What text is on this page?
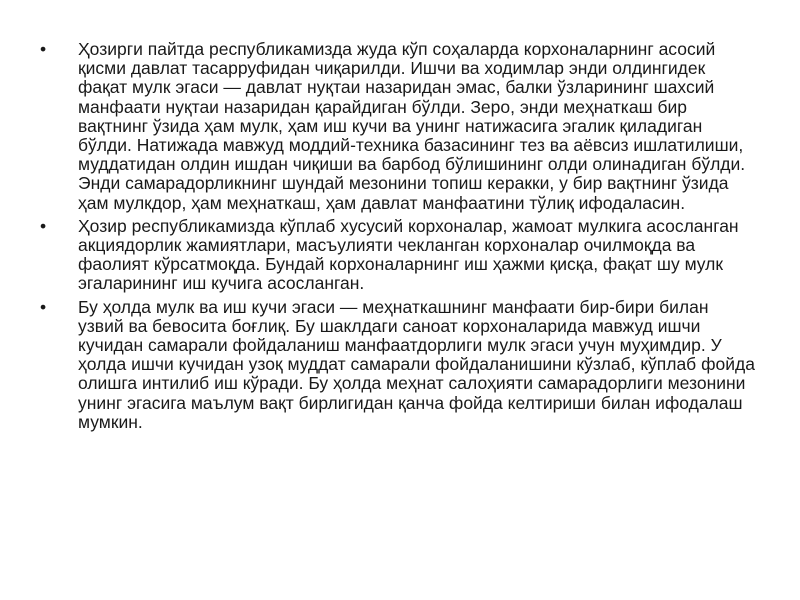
• Ҳозирги пайтда республикамизда жуда кўп соҳаларда корхоналарнинг асосий қисми давлат тасарруфидан чиқарилди. Ишчи ва ходимлар энди олдингидек фақат мулк эгаси — давлат нуқтаи назаридан эмас, балки ўзларининг шахсий манфаати нуқтаи назаридан қарайдиган бўлди. Зеро, энди меҳнаткаш бир вақтнинг ўзида ҳам мулк, ҳам иш кучи ва унинг натижасига эгалик қиладиган бўлди. Натижада мавжуд моддий-техника базасининг тез ва аёвсиз ишлатилиши, муддатидан олдин ишдан чиқиши ва барбод бўлишининг олди олинадиган бўлди. Энди самарадорликнинг шундай мезонини топиш керакки, у бир вақтнинг ўзида ҳам мулкдор, ҳам меҳнаткаш, ҳам давлат манфаатини тўлиқ ифодаласин.
• Ҳозир республикамизда кўплаб хусусий корхоналар, жамоат мулкига асосланган акциядорлик жамиятлари, масъулияти чекланган корхоналар очилмоқда ва фаолият кўрсатмоқда. Бундай корхоналарнинг иш ҳажми қисқа, фақат шу мулк эгаларининг иш кучига асосланган.
• Бу ҳолда мулк ва иш кучи эгаси — меҳнаткашнинг манфаати бир-бири билан узвий ва бевосита боғлиқ. Бу шаклдаги саноат корхоналарида мавжуд ишчи кучидан самарали фойдаланиш манфаатдорлиги мулк эгаси учун муҳимдир. У ҳолда ишчи кучидан узоқ муддат самарали фойдаланишини кўзлаб, кўплаб фойда олишга интилиб иш кўради. Бу ҳолда меҳнат салоҳияти самарадорлиги мезонини унинг эгасига маълум вақт бирлигидан қанча фойда келтириши билан ифодалаш мумкин.
